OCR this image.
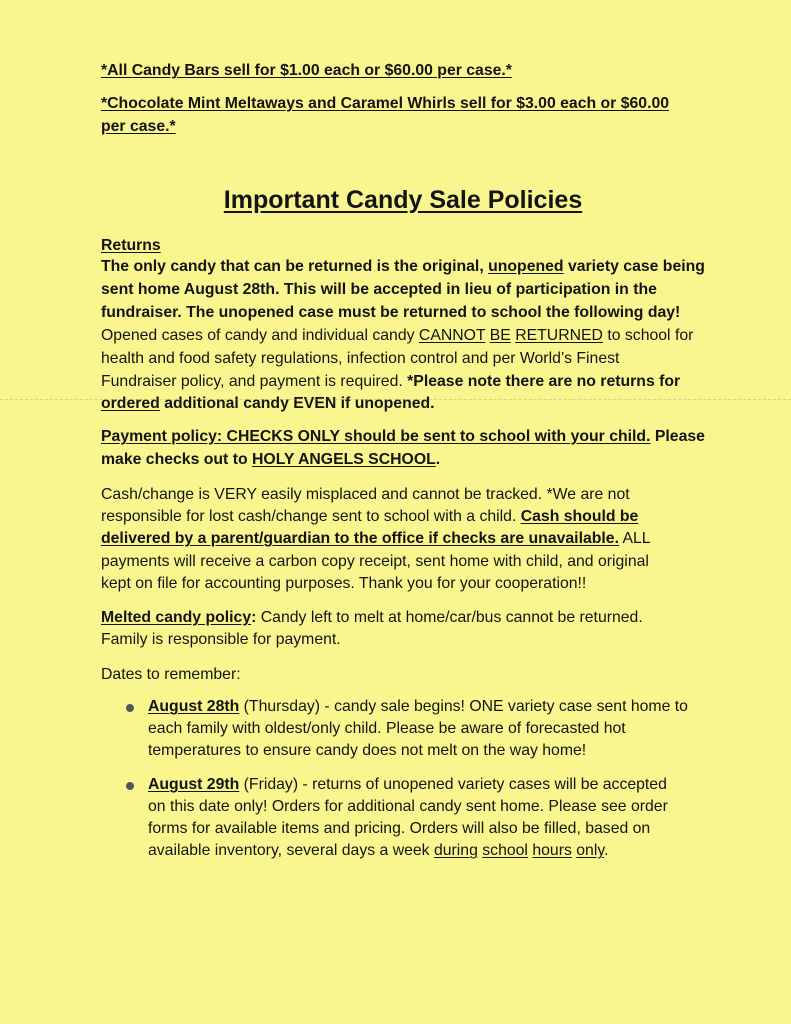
*All Candy Bars sell for $1.00 each or $60.00 per case.*
*Chocolate Mint Meltaways and Caramel Whirls sell for $3.00 each or $60.00
per case.*
Important Candy Sale Policies
Returns
The only candy that can be returned is the original, unopened variety case being
sent home August 28th. This will be accepted in lieu of participation in the
fundraiser. The unopened case must be returned to school the following day!
Opened cases of candy and individual candy CANNOT BE RETURNED to school for
health and food safety regulations, infection control and per World’s Finest
Fundraiser policy, and payment is required. *Please note there are no returns for
ordered additional candy EVEN if unopened.
Payment policy: CHECKS ONLY should be sent to school with your child. Please
make checks out to HOLY ANGELS SCHOOL.
Cash/change is VERY easily misplaced and cannot be tracked. *We are not
responsible for lost cash/change sent to school with a child. Cash should be
delivered by a parent/guardian to the office if checks are unavailable. ALL
payments will receive a carbon copy receipt, sent home with child, and original
kept on file for accounting purposes. Thank you for your cooperation!!
Melted candy policy: Candy left to melt at home/car/bus cannot be returned.
Family is responsible for payment.
Dates to remember:
August 28th (Thursday) - candy sale begins! ONE variety case sent home to
each family with oldest/only child. Please be aware of forecasted hot
temperatures to ensure candy does not melt on the way home!
August 29th (Friday) - returns of unopened variety cases will be accepted
on this date only! Orders for additional candy sent home. Please see order
forms for available items and pricing. Orders will also be filled, based on
available inventory, several days a week during school hours only.
